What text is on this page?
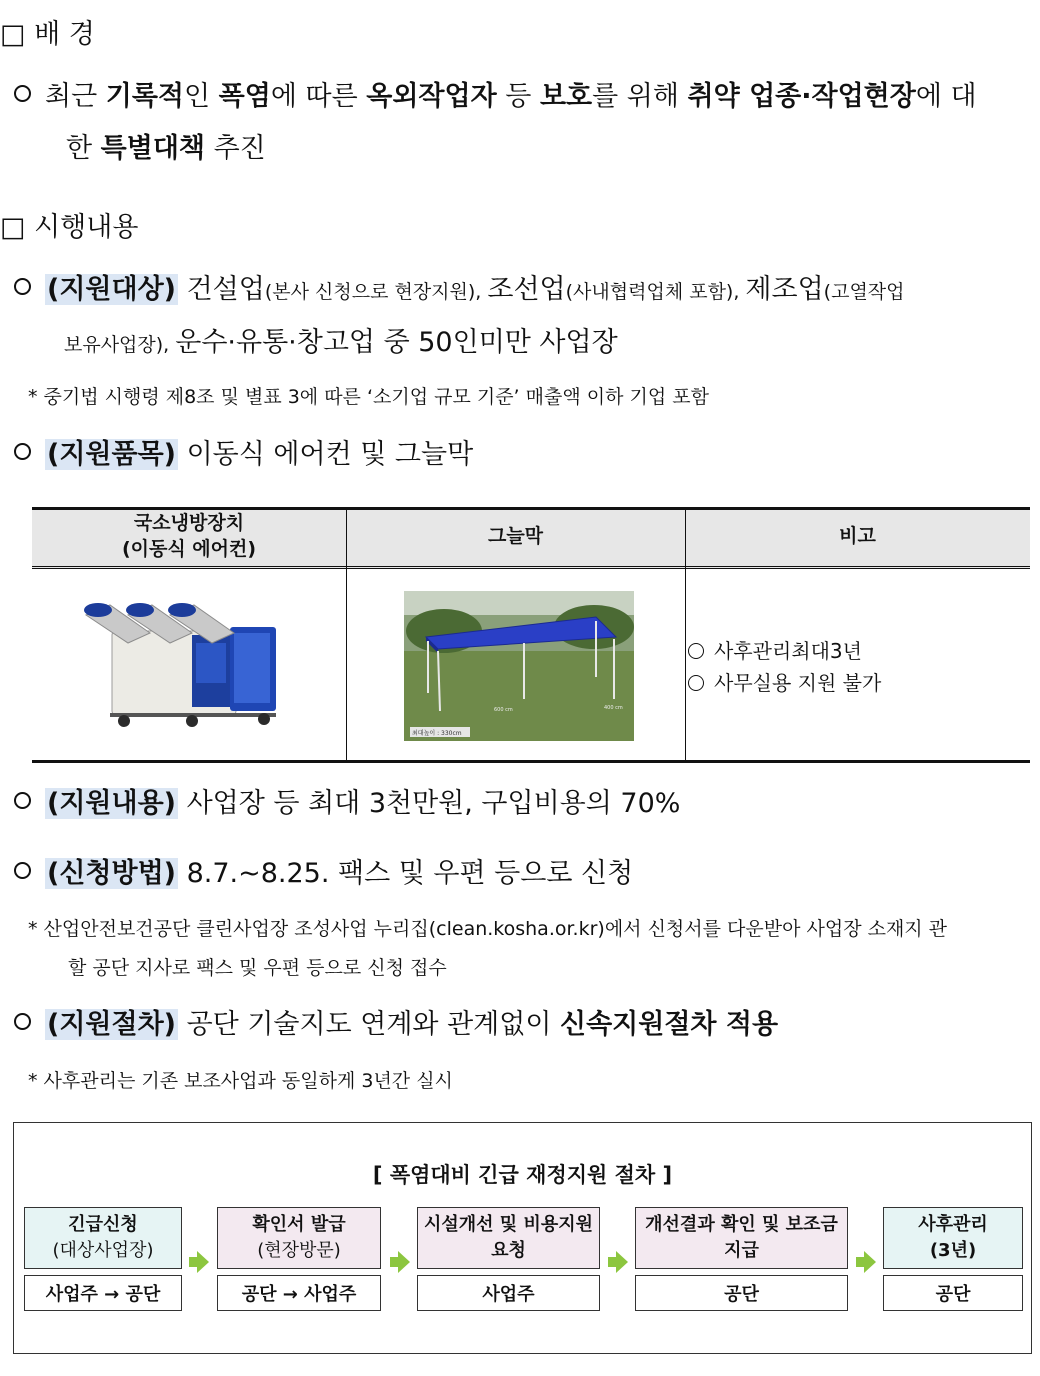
□ 배 경
최근 기록적인 폭염에 따른 옥외작업자 등 보호를 위해 취약 업종·작업현장에 대
한 특별대책 추진
□ 시행내용
(지원대상) 건설업(본사 신청으로 현장지원), 조선업(사내협력업체 포함), 제조업(고열작업
보유사업장), 운수·유통·창고업 중 50인미만 사업장
* 중기법 시행령 제8조 및 별표 3에 따른 ‘소기업 규모 기준’ 매출액 이하 기업 포함
(지원품목) 이동식 에어컨 및 그늘막
국소냉방장치
(이동식 에어컨)
그늘막	비고
최대높이 : 330cm
600 cm	400 cm
사후관리최대3년
사무실용 지원 불가
(지원내용) 사업장 등 최대 3천만원, 구입비용의 70%
(신청방법) 8.7.~8.25. 팩스 및 우편 등으로 신청
* 산업안전보건공단 클린사업장 조성사업 누리집(clean.kosha.or.kr)에서 신청서를 다운받아 사업장 소재지 관
할 공단 지사로 팩스 및 우편 등으로 신청 접수
(지원절차) 공단 기술지도 연계와 관계없이 신속지원절차 적용
* 사후관리는 기존 보조사업과 동일하게 3년간 실시
[ 폭염대비 긴급 재정지원 절차 ]
긴급신청
(대상사업장)
사업주 → 공단
확인서 발급
(현장방문)
공단 → 사업주
시설개선 및 비용지원
요청
사업주
개선결과 확인 및 보조금
지급
공단
사후관리
(3년)
공단
